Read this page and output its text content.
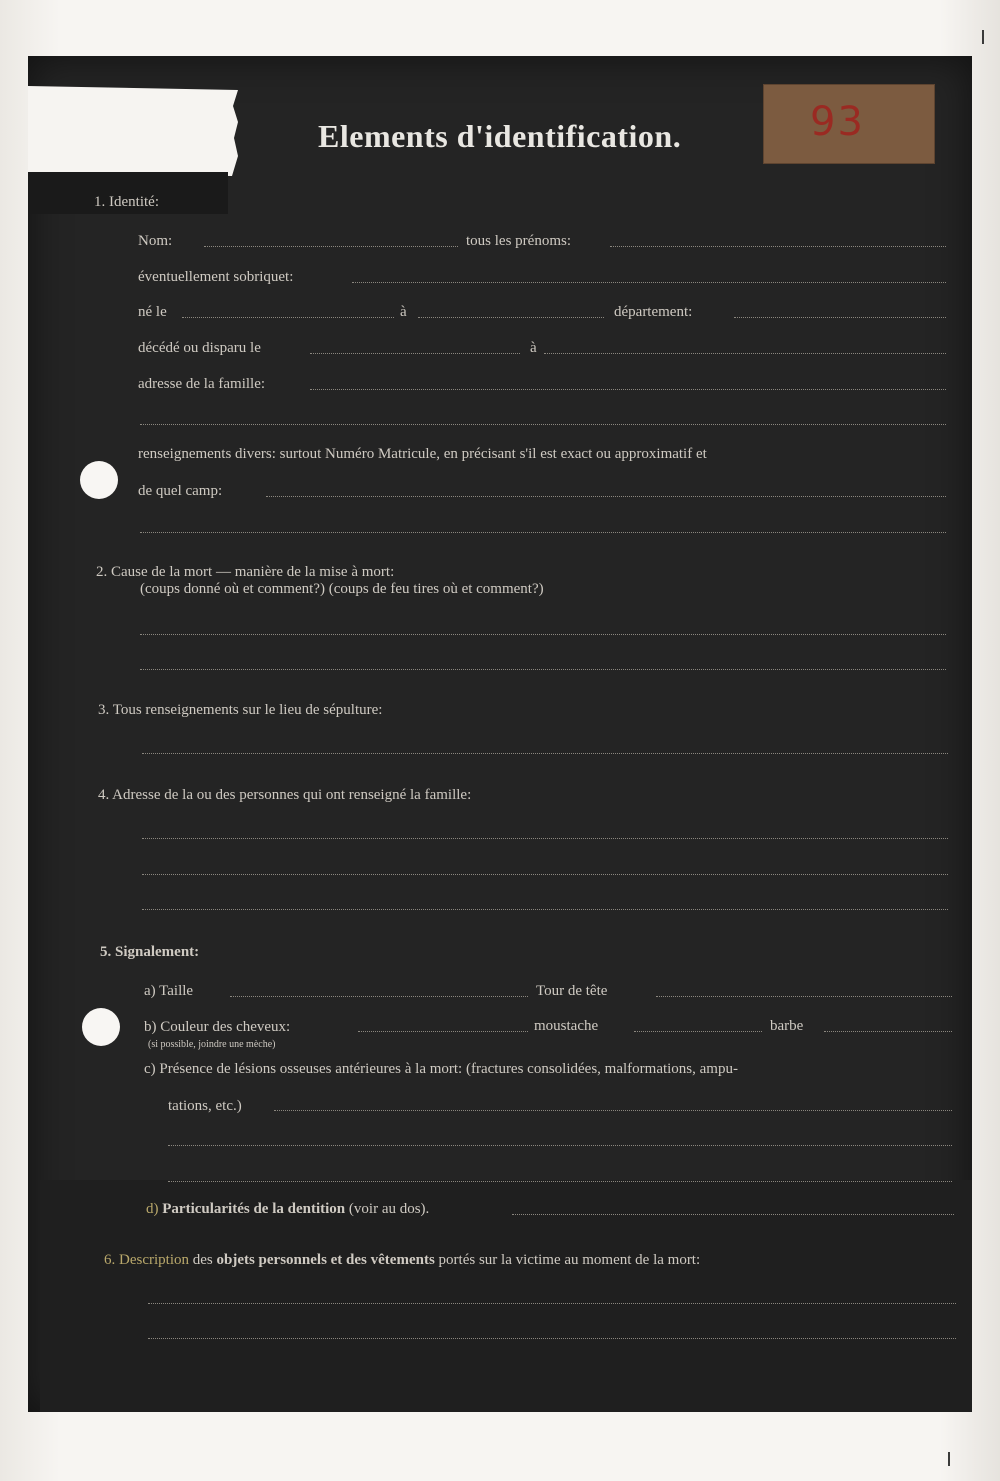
93
Elements d'identification.
1. Identité:
Nom:	tous les prénoms:
éventuellement sobriquet:
né le	à	département:
décédé ou disparu le	à
adresse de la famille:
renseignements divers: surtout Numéro Matricule, en précisant s'il est exact ou approximatif et
de quel camp:
2. Cause de la mort — manière de la mise à mort:
(coups donné où et comment?) (coups de feu tires où et comment?)
3. Tous renseignements sur le lieu de sépulture:
4. Adresse de la ou des personnes qui ont renseigné la famille:
5. Signalement:
a) Taille	Tour de tête
b) Couleur des cheveux:
(si possible, joindre une mèche)
moustache	barbe
c) Présence de lésions osseuses antérieures à la mort: (fractures consolidées, malformations, ampu-
tations, etc.)
d) Particularités de la dentition (voir au dos).
6. Description des objets personnels et des vêtements portés sur la victime au moment de la mort:
